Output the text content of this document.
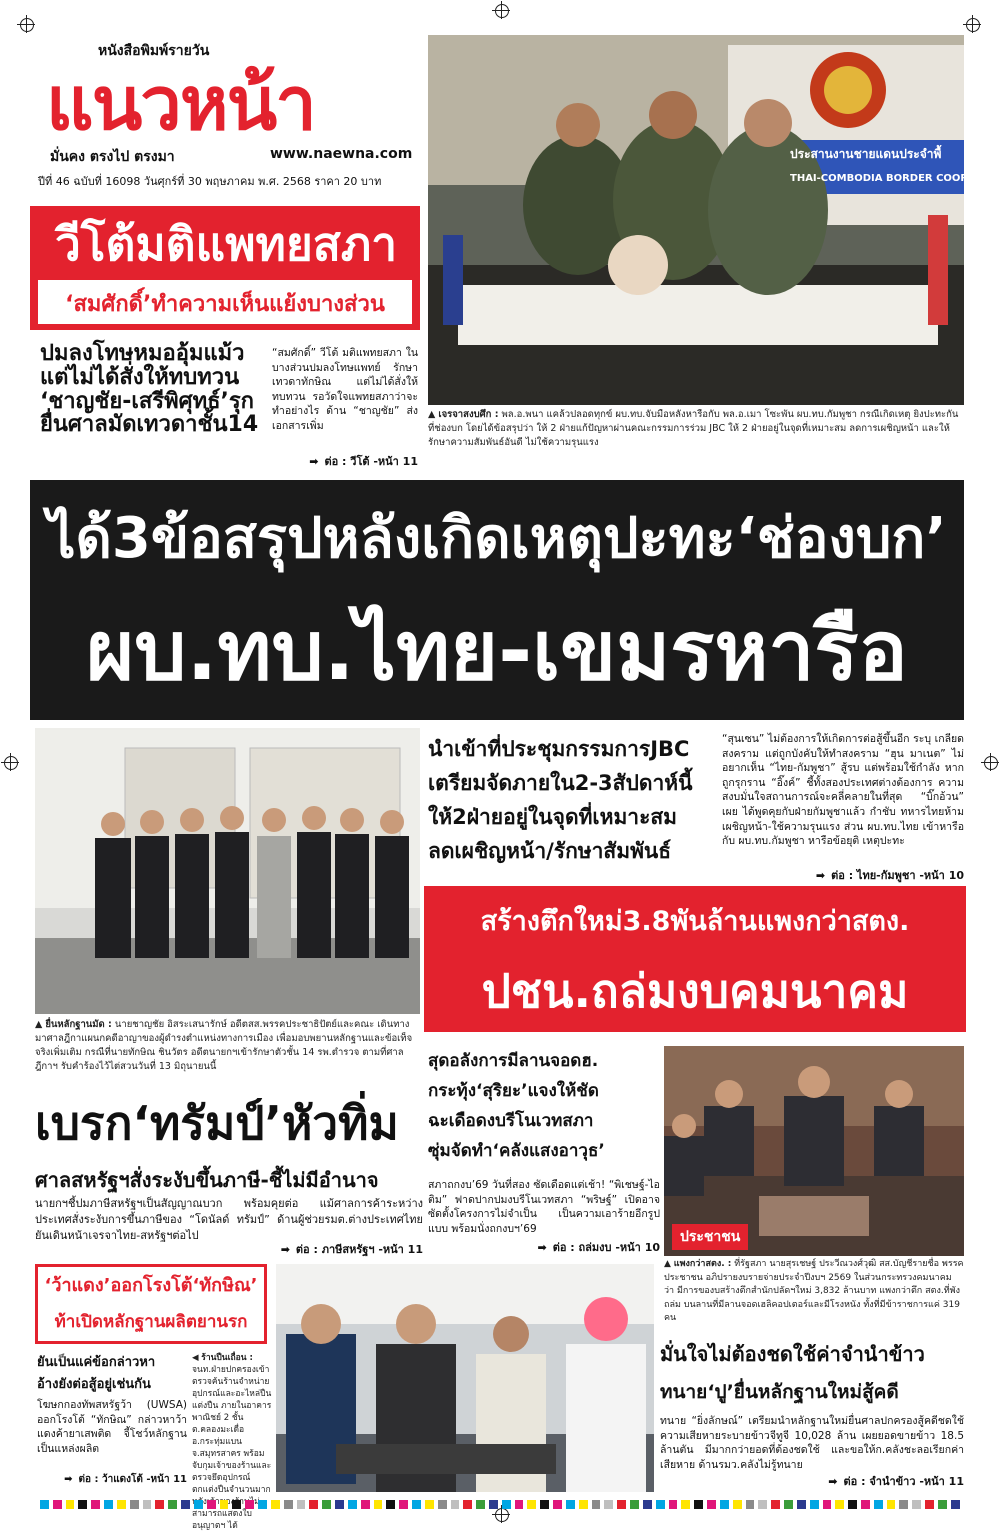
หนังสือพิมพ์รายวัน
แนวหน้า
มั่นคง ตรงไป ตรงมา	www.naewna.com
ปีที่ 46 ฉบับที่ 16098 วันศุกร์ที่ 30 พฤษภาคม พ.ศ. 2568 ราคา 20 บาท
ประสานงานชายแดนประจำพื้
THAI-COMBODIA BORDER COORD
▲ เจรจาสงบศึก : พล.อ.พนา แคล้วปลอดทุกข์ ผบ.ทบ.จับมือหลังหารือกับ พล.อ.เมา โซะพัน ผบ.ทบ.กัมพูชา กรณีเกิดเหตุ ยิงปะทะกันที่ช่องบก โดยได้ข้อสรุปว่า ให้ 2 ฝ่ายแก้ปัญหาผ่านคณะกรรมการร่วม JBC ให้ 2 ฝ่ายอยู่ในจุดที่เหมาะสม ลดการเผชิญหน้า และให้รักษาความสัมพันธ์อันดี ไม่ใช้ความรุนแรง
วีโต้มติแพทยสภา
‘สมศักดิ์’ทำความเห็นแย้งบางส่วน
ปมลงโทษหมออุ้มแม้ว
แต่ไม่ได้สั่งให้ทบทวน
‘ชาญชัย-เสรีพิศุทธ์’รุก
ยื่นศาลมัดเทวดาชั้น14
“สมศักดิ์” วีโต้ มติแพทยสภา ในบางส่วนปมลงโทษแพทย์ รักษาเทวดาทักษิณ แต่ไม่ได้สั่งให้ทบทวน รอวัดใจแพทยสภาว่าจะทำอย่างไร ด้าน “ชาญชัย” ส่งเอกสารเพิ่ม
➡ ต่อ : วีโต้ -หน้า 11
ได้3ข้อสรุปหลังเกิดเหตุปะทะ‘ช่องบก’
ผบ.ทบ.ไทย-เขมรหารือ
▲ ยื่นหลักฐานมัด : นายชาญชัย อิสระเสนารักษ์ อดีตสส.พรรคประชาธิปัตย์และคณะ เดินทางมาศาลฎีกาแผนกคดีอาญาของผู้ดำรงตำแหน่งทางการเมือง เพื่อมอบพยานหลักฐานและข้อเท็จจริงเพิ่มเติม กรณีที่นายทักษิณ ชินวัตร อดีตนายกฯเข้ารักษาตัวชั้น 14 รพ.ตำรวจ ตามที่ศาลฎีกาฯ รับคำร้องไว้ไต่สวนวันที่ 13 มิถุนายนนี้
นำเข้าที่ประชุมกรรมการJBC
เตรียมจัดภายใน2-3สัปดาห์นี้
ให้2ฝ่ายอยู่ในจุดที่เหมาะสม
ลดเผชิญหน้า/รักษาสัมพันธ์
“สุนเซน” ไม่ต้องการให้เกิดการต่อสู้ขึ้นอีก ระบุ เกลียดสงคราม แต่ถูกบังคับให้ทำสงคราม “ฮุน มาเนต” ไม่อยากเห็น “ไทย-กัมพูชา” สู้รบ แต่พร้อมใช้กำลัง หากถูกรุกราน “อิ๊งค์” ชี้ทั้งสองประเทศต่างต้องการ ความสงบมั่นใจสถานการณ์จะคลี่คลายในที่สุด “บิ๊กอ้วน” เผย ได้พูดคุยกับฝ่ายกัมพูชาแล้ว กำชับ ทหารไทยห้ามเผชิญหน้า-ใช้ความรุนแรง ส่วน ผบ.ทบ.ไทย เข้าหารือกับ ผบ.ทบ.กัมพูชา หารือข้อยุติ เหตุปะทะ
➡ ต่อ : ไทย-กัมพูชา -หน้า 10
สร้างตึกใหม่3.8พันล้านแพงกว่าสตง.
ปชน.ถล่มงบคมนาคม
สุดอลังการมีลานจอดฮ.
กระทุ้ง‘สุริยะ’แจงให้ชัด
ฉะเดือดงบรีโนเวทสภา
ซุ่มจัดทำ‘คลังแสงอาวุธ’
สภาถกงบ’69 วันที่สอง ซัดเดือดแต่เช้า! “พิเชษฐ์-ไอติม” ฟาดปากปมงบรีโนเวทสภา “พริษฐ์” เปิดอาจซัดตั้งโครงการไม่จำเป็น เป็นความเอาร้ายอีกรูปแบบ พร้อมนั่งถกงบฯ’69
➡ ต่อ : ถล่มงบ -หน้า 10
ประชาชน
▲ แพงกว่าสตง. : ที่รัฐสภา นายสุรเชษฐ์ ประวีณวงศ์วุฒิ สส.บัญชีรายชื่อ พรรคประชาชน อภิปรายงบรายจ่ายประจำปีงบฯ 2569 ในส่วนกระทรวงคมนาคม ว่า มีการของบสร้างตึกสำนักปลัดฯใหม่ 3,832 ล้านบาท แพงกว่าตึก สตง.ที่พังถล่ม บนลานที่มีลานจอดเฮลิคอปเตอร์และมีโรงหนัง ทั้งที่มีข้าราชการแค่ 319 คน
เบรก‘ทรัมป์’หัวทิ่ม
ศาลสหรัฐฯสั่งระงับขึ้นภาษี-ชี้ไม่มีอำนาจ
นายกฯชี้ปมภาษีสหรัฐฯเป็นสัญญาณบวก พร้อมคุยต่อ แม้ศาลการค้าระหว่างประเทศสั่งระงับการขึ้นภาษีของ “โดนัลด์ ทรัมป์” ด้านผู้ช่วยรมต.ต่างประเทศไทยยันเดินหน้าเจรจาไทย-สหรัฐฯต่อไป
➡ ต่อ : ภาษีสหรัฐฯ -หน้า 11
‘ว้าแดง’ออกโรงโต้‘ทักษิณ’
ท้าเปิดหลักฐานผลิตยานรก
ยันเป็นแค่ข้อกล่าวหา
อ้างยังต่อสู้อยู่เช่นกัน
โฆษกกองทัพสหรัฐว้า (UWSA) ออกโรงโต้ “ทักษิณ” กล่าวหาว้าแดงค้ายาเสพติด จี้โชว์หลักฐานเป็นแหล่งผลิต
➡ ต่อ : ว้าแดงโต้ -หน้า 11
◀ ร้านปืนเถื่อน : จนท.ฝ่ายปกครองเข้าตรวจค้นร้านจำหน่ายอุปกรณ์และอะไหล่ปืนแต่งปืน ภายในอาคารพาณิชย์ 2 ชั้น ต.คลองมะเดื่อ อ.กระทุ่มแบน จ.สมุทรสาคร พร้อมจับกุมเจ้าของร้านและตรวจยึดอุปกรณ์ตกแต่งปืนจำนวนมาก ง า า ไม่สามารถแสดงใบอนุญาตฯ ได้
มั่นใจไม่ต้องชดใช้ค่าจำนำข้าว
ทนาย‘ปู’ยื่นหลักฐานใหม่สู้คดี
ทนาย “ยิ่งลักษณ์” เตรียมนำหลักฐานใหม่ยื่นศาลปกครองสู้คดีชดใช้ความเสียหายระบายข้าวจีทูจี 10,028 ล้าน เผยยอดขายข้าว 18.5 ล้านตัน มีมากกว่ายอดที่ต้องชดใช้ และขอให้ก.คลังชะลอเรียกค่าเสียหาย ด้านรมว.คลังไม่รู้ทนาย
➡ ต่อ : จำนำข้าว -หน้า 11
